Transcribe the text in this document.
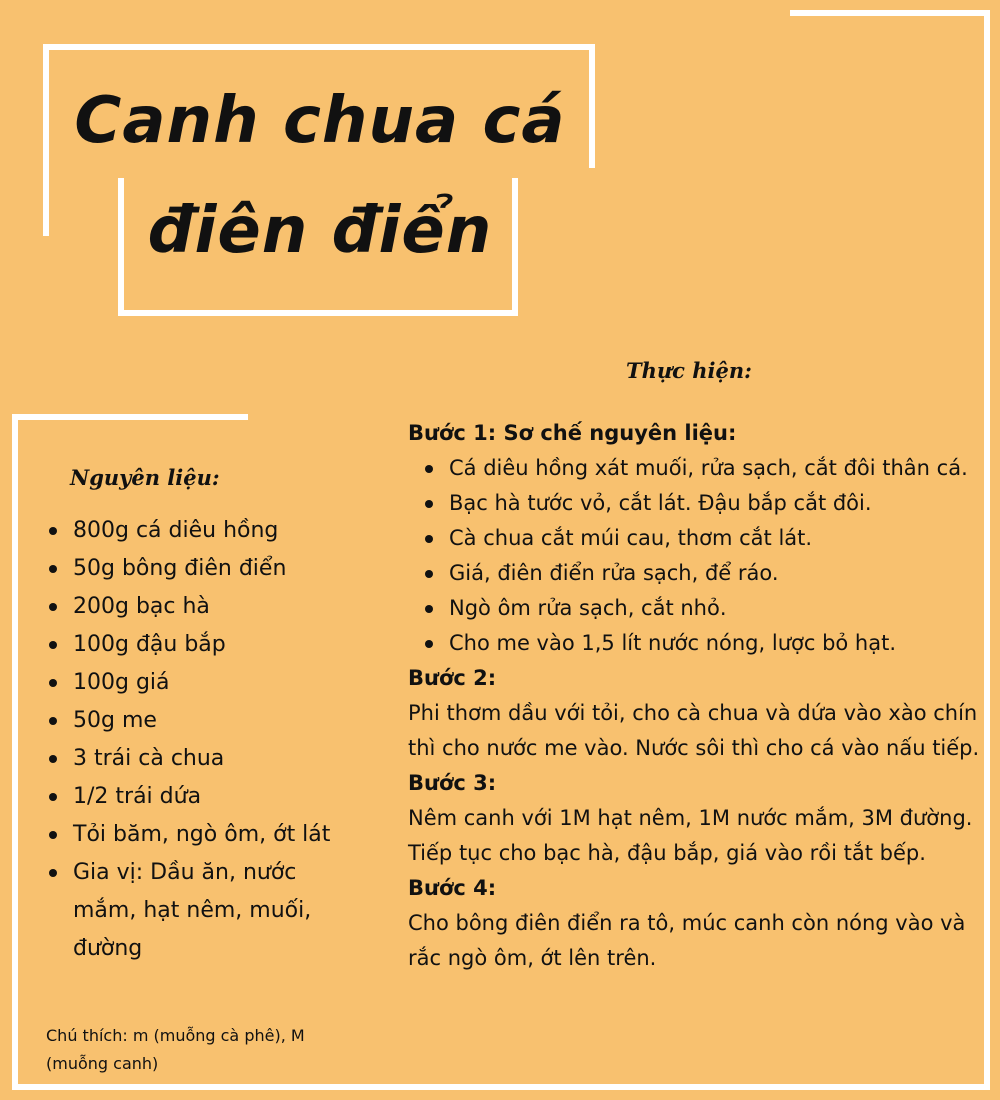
Canh chua cá
điên điển
Nguyên liệu:
800g cá diêu hồng
50g bông điên điển
200g bạc hà
100g đậu bắp
100g giá
50g me
3 trái cà chua
1/2 trái dứa
Tỏi băm, ngò ôm, ớt lát
Gia vị: Dầu ăn, nước mắm, hạt nêm, muối, đường
Chú thích: m (muỗng cà phê), M (muỗng canh)
Thực hiện:
Bước 1: Sơ chế nguyên liệu:
Cá diêu hồng xát muối, rửa sạch, cắt đôi thân cá.
Bạc hà tước vỏ, cắt lát. Đậu bắp cắt đôi.
Cà chua cắt múi cau, thơm cắt lát.
Giá, điên điển rửa sạch, để ráo.
Ngò ôm rửa sạch, cắt nhỏ.
Cho me vào 1,5 lít nước nóng, lược bỏ hạt.
Bước 2:
Phi thơm dầu với tỏi, cho cà chua và dứa vào xào chín thì cho nước me vào. Nước sôi thì cho cá vào nấu tiếp.
Bước 3:
Nêm canh với 1M hạt nêm, 1M nước mắm, 3M đường. Tiếp tục cho bạc hà, đậu bắp, giá vào rồi tắt bếp.
Bước 4:
Cho bông điên điển ra tô, múc canh còn nóng vào và rắc ngò ôm, ớt lên trên.
